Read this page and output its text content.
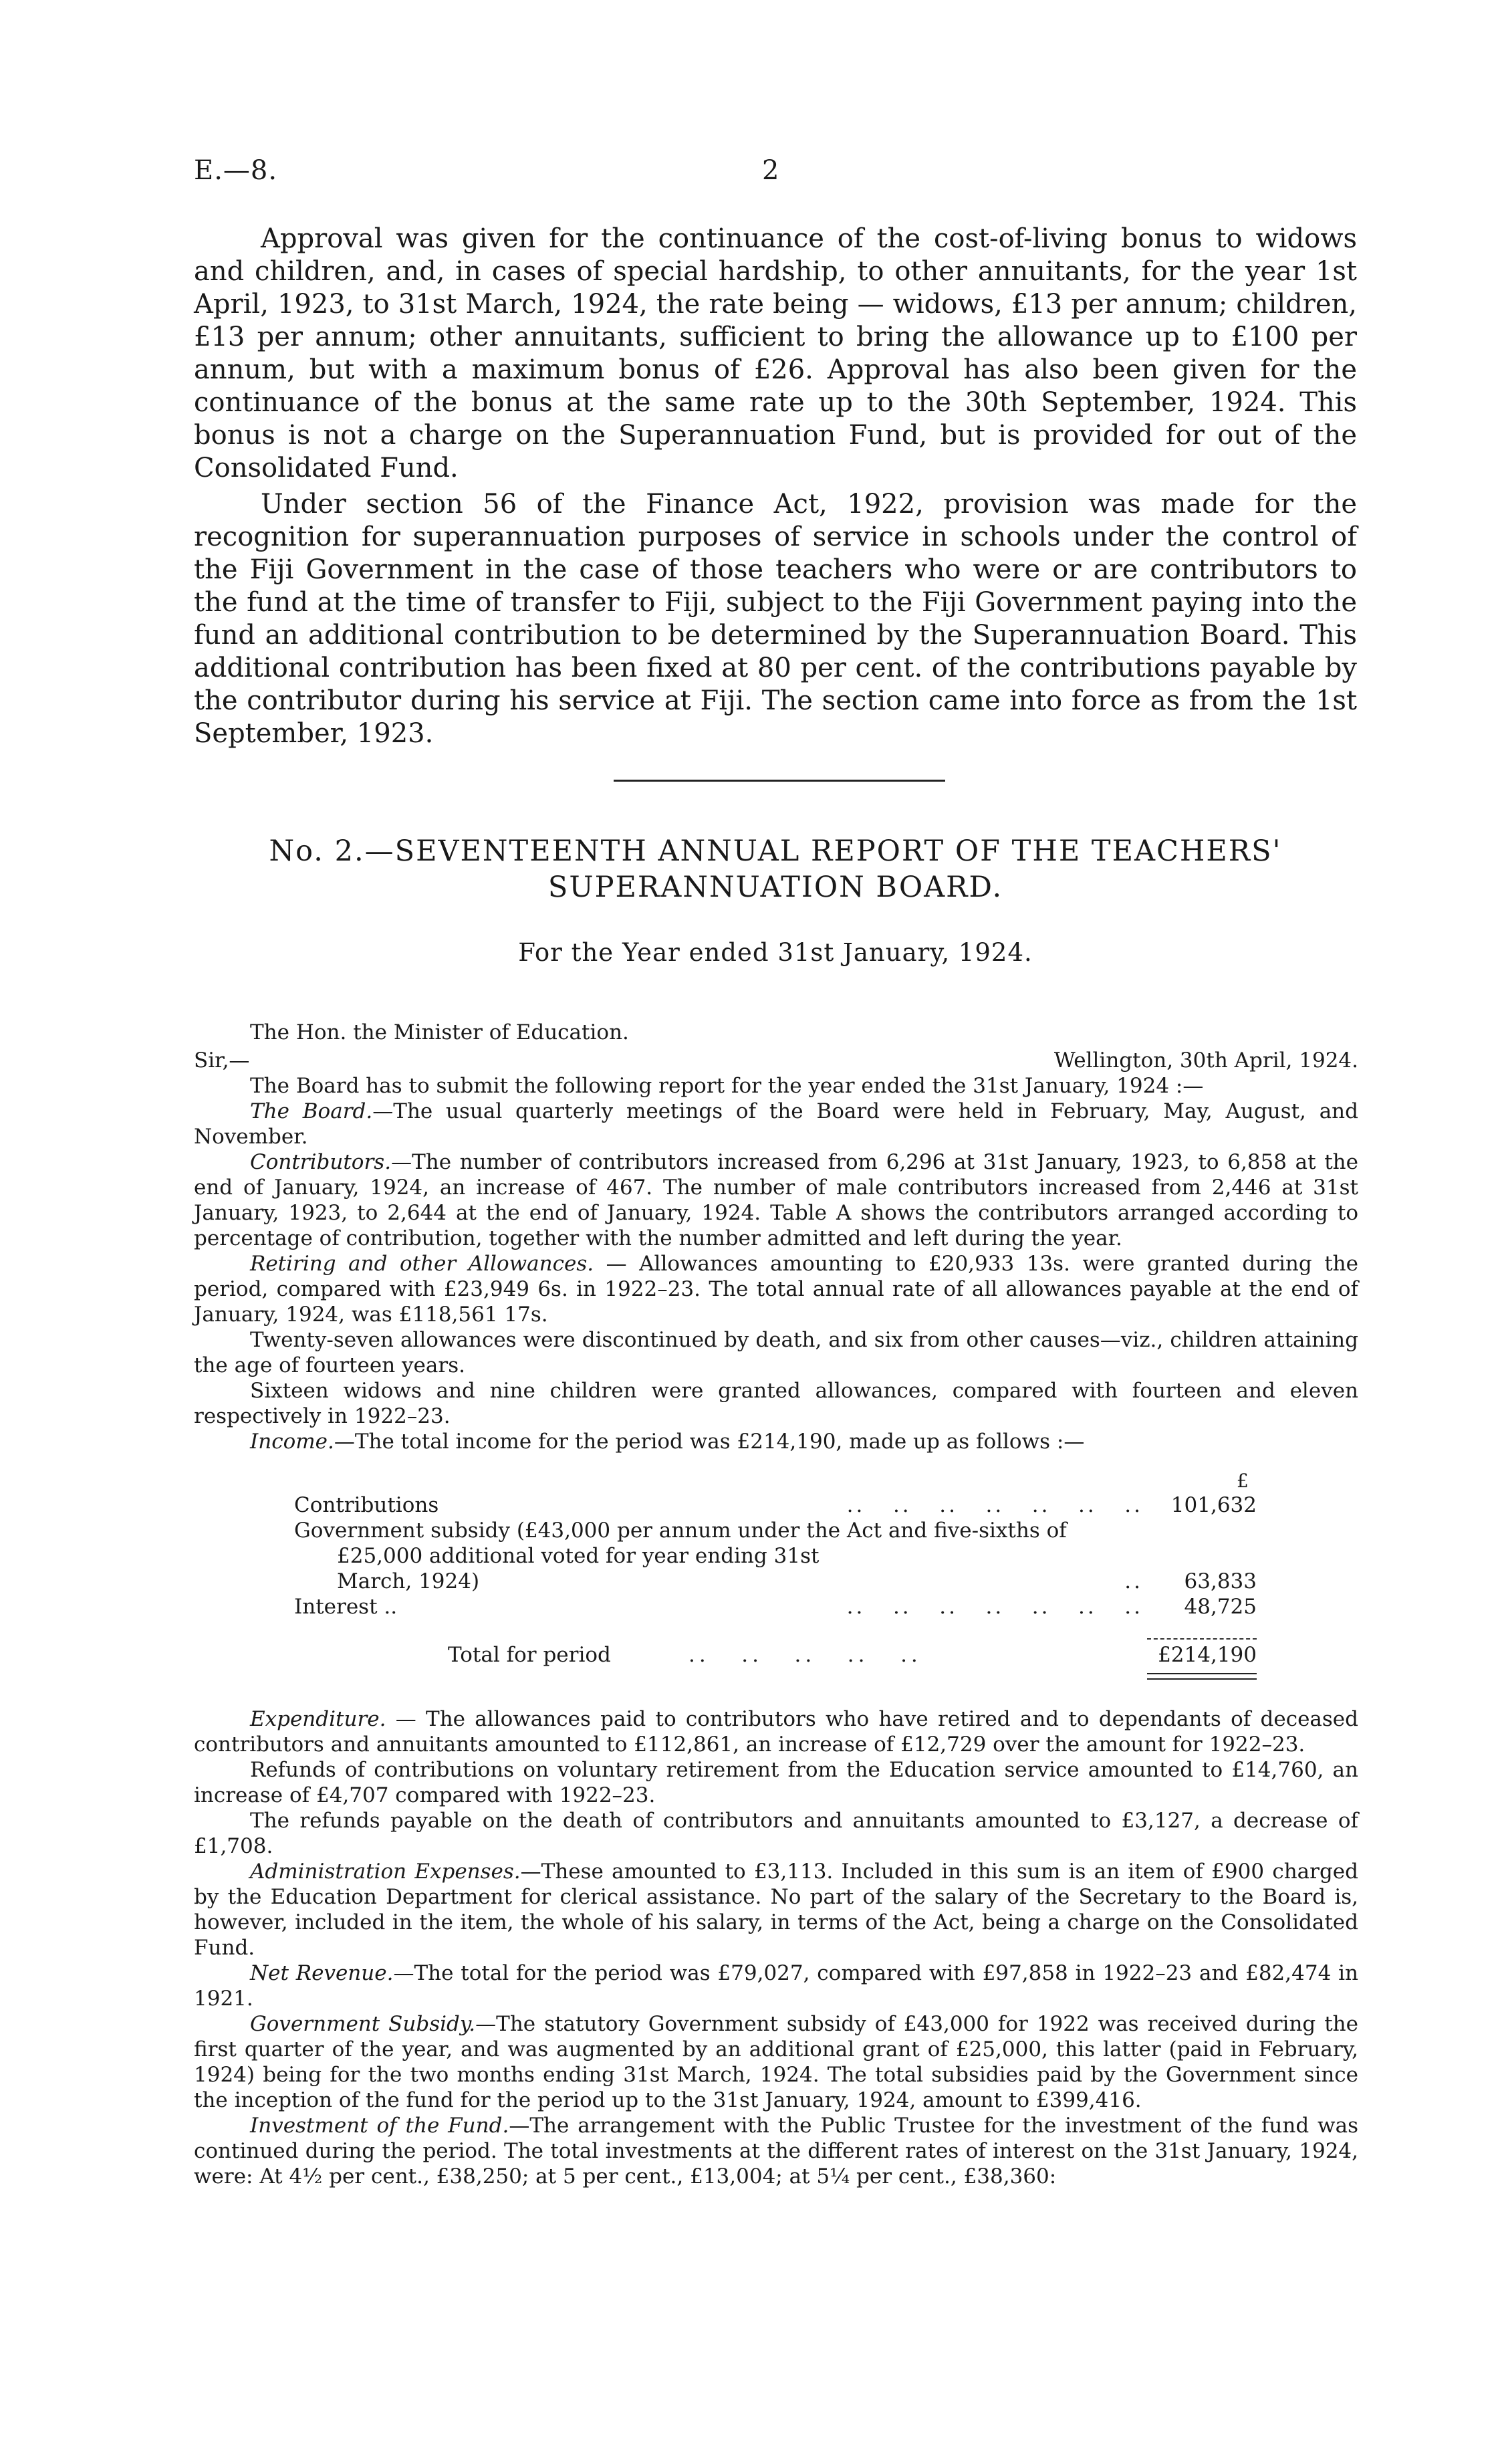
E.—8.	2

Approval was given for the continuance of the cost-of-living bonus to widows and children, and, in cases of special hardship, to other annuitants, for the year 1st April, 1923, to 31st March, 1924, the rate being — widows, £13 per annum; children, £13 per annum; other annuitants, sufficient to bring the allowance up to £100 per annum, but with a maximum bonus of £26. Approval has also been given for the continuance of the bonus at the same rate up to the 30th September, 1924. This bonus is not a charge on the Superannuation Fund, but is provided for out of the Consolidated Fund.

Under section 56 of the Finance Act, 1922, provision was made for the recognition for superannuation purposes of service in schools under the control of the Fiji Government in the case of those teachers who were or are contributors to the fund at the time of transfer to Fiji, subject to the Fiji Government paying into the fund an additional contribution to be determined by the Superannuation Board. This additional contribution has been fixed at 80 per cent. of the contributions payable by the contributor during his service at Fiji. The section came into force as from the 1st September, 1923.

No. 2.—SEVENTEENTH ANNUAL REPORT OF THE TEACHERS' SUPERANNUATION BOARD.
For the Year ended 31st January, 1924.

The Hon. the Minister of Education.

Sir,—	Wellington, 30th April, 1924.

The Board has to submit the following report for the year ended the 31st January, 1924 :—

The Board.—The usual quarterly meetings of the Board were held in February, May, August, and November.

Contributors.—The number of contributors increased from 6,296 at 31st January, 1923, to 6,858 at the end of January, 1924, an increase of 467. The number of male contributors increased from 2,446 at 31st January, 1923, to 2,644 at the end of January, 1924. Table A shows the contributors arranged according to percentage of contribution, together with the number admitted and left during the year.

Retiring and other Allowances. — Allowances amounting to £20,933 13s. were granted during the period, compared with £23,949 6s. in 1922–23. The total annual rate of all allowances payable at the end of January, 1924, was £118,561 17s.

Twenty-seven allowances were discontinued by death, and six from other causes—viz., children attaining the age of fourteen years.

Sixteen widows and nine children were granted allowances, compared with fourteen and eleven respectively in 1922–23.

Income.—The total income for the period was £214,190, made up as follows :—

£
Contributions	..   ..   ..   ..   ..   ..   ..	101,632
Government subsidy (£43,000 per annum under the Act and five-sixths of		
£25,000 additional voted for year ending 31st March, 1924)	..	63,833
Interest ..	..   ..   ..   ..   ..   ..   ..	48,725
Total for period	..   ..   ..   ..   ..	£214,190

Expenditure. — The allowances paid to contributors who have retired and to dependants of deceased contributors and annuitants amounted to £112,861, an increase of £12,729 over the amount for 1922–23.

Refunds of contributions on voluntary retirement from the Education service amounted to £14,760, an increase of £4,707 compared with 1922–23.

The refunds payable on the death of contributors and annuitants amounted to £3,127, a decrease of £1,708.

Administration Expenses.—These amounted to £3,113. Included in this sum is an item of £900 charged by the Education Department for clerical assistance. No part of the salary of the Secretary to the Board is, however, included in the item, the whole of his salary, in terms of the Act, being a charge on the Consolidated Fund.

Net Revenue.—The total for the period was £79,027, compared with £97,858 in 1922–23 and £82,474 in 1921.

Government Subsidy.—The statutory Government subsidy of £43,000 for 1922 was received during the first quarter of the year, and was augmented by an additional grant of £25,000, this latter (paid in February, 1924) being for the two months ending 31st March, 1924. The total subsidies paid by the Government since the inception of the fund for the period up to the 31st January, 1924, amount to £399,416.

Investment of the Fund.—The arrangement with the Public Trustee for the investment of the fund was continued during the period. The total investments at the different rates of interest on the 31st January, 1924, were: At 4½ per cent., £38,250; at 5 per cent., £13,004; at 5¼ per cent., £38,360:
